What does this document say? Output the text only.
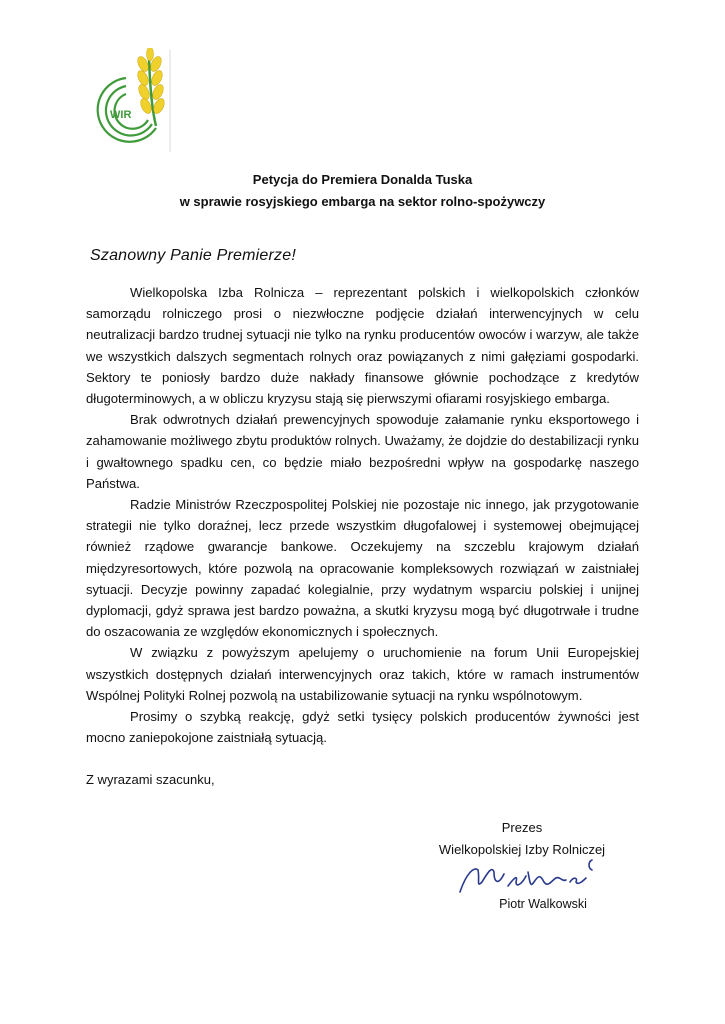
WIR
Petycja do Premiera Donalda Tuska
w sprawie rosyjskiego embarga na sektor rolno-spożywczy
Szanowny Panie Premierze!

Wielkopolska Izba Rolnicza – reprezentant polskich i wielkopolskich członków samorządu rolniczego prosi o niezwłoczne podjęcie działań interwencyjnych w celu neutralizacji bardzo trudnej sytuacji nie tylko na rynku producentów owoców i warzyw, ale także we wszystkich dalszych segmentach rolnych oraz powiązanych z nimi gałęziami gospodarki. Sektory te poniosły bardzo duże nakłady finansowe głównie pochodzące z kredytów długoterminowych, a w obliczu kryzysu stają się pierwszymi ofiarami rosyjskiego embarga.

Brak odwrotnych działań prewencyjnych spowoduje załamanie rynku eksportowego i zahamowanie możliwego zbytu produktów rolnych. Uważamy, że dojdzie do destabilizacji rynku i gwałtownego spadku cen, co będzie miało bezpośredni wpływ na gospodarkę naszego Państwa.

Radzie Ministrów Rzeczpospolitej Polskiej nie pozostaje nic innego, jak przygotowanie strategii nie tylko doraźnej, lecz przede wszystkim długofalowej i systemowej obejmującej również rządowe gwarancje bankowe. Oczekujemy na szczeblu krajowym działań międzyresortowych, które pozwolą na opracowanie kompleksowych rozwiązań w zaistniałej sytuacji. Decyzje powinny zapadać kolegialnie, przy wydatnym wsparciu polskiej i unijnej dyplomacji, gdyż sprawa jest bardzo poważna, a skutki kryzysu mogą być długotrwałe i trudne do oszacowania ze względów ekonomicznych i społecznych.

W związku z powyższym apelujemy o uruchomienie na forum Unii Europejskiej wszystkich dostępnych działań interwencyjnych oraz takich, które w ramach instrumentów Wspólnej Polityki Rolnej pozwolą na ustabilizowanie sytuacji na rynku wspólnotowym.

Prosimy o szybką reakcję, gdyż setki tysięcy polskich producentów żywności jest mocno zaniepokojone zaistniałą sytuacją.

Z wyrazami szacunku,
Prezes
Wielkopolskiej Izby Rolniczej
Piotr Walkowski
